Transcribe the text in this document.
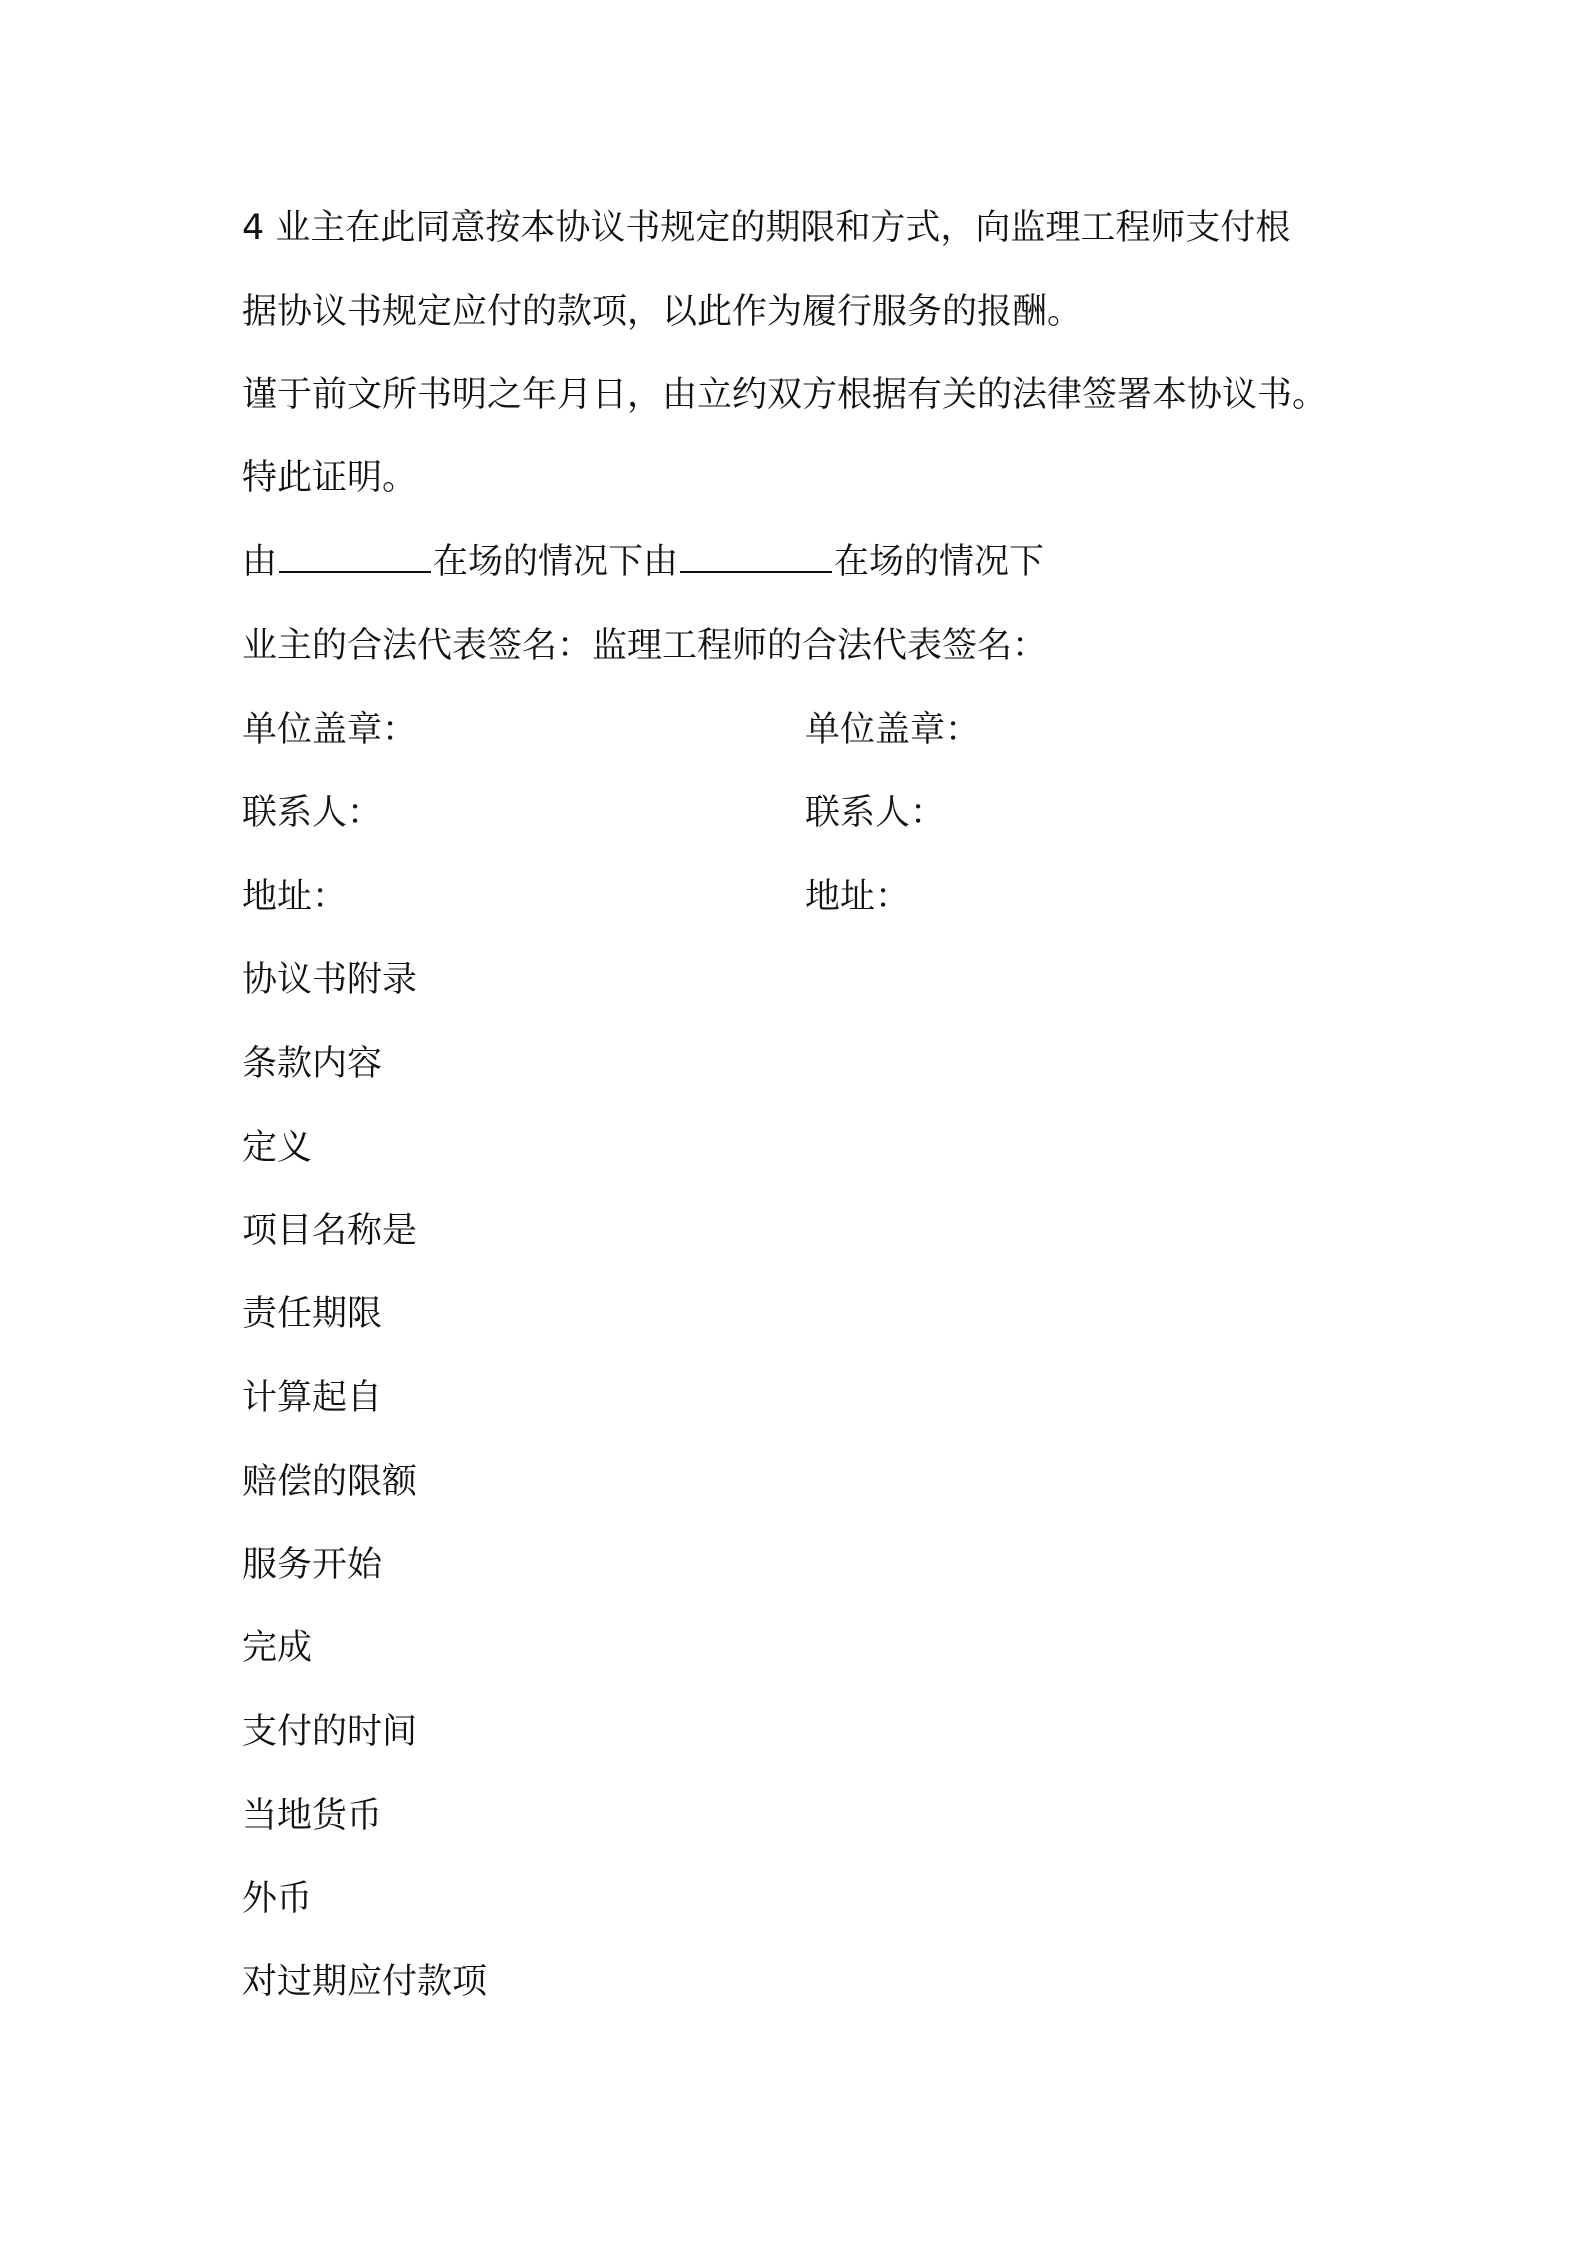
4 业主在此同意按本协议书规定的期限和方式，向监理工程师支付根
据协议书规定应付的款项，以此作为履行服务的报酬。
谨于前文所书明之年月日，由立约双方根据有关的法律签署本协议书。
特此证明。
由	在场的情况下由	在场的情况下
业主的合法代表签名：监理工程师的合法代表签名：
单位盖章：	单位盖章：
联系人：	联系人：
地址：	地址：
协议书附录
条款内容
定义
项目名称是
责任期限
计算起自
赔偿的限额
服务开始
完成
支付的时间
当地货币
外币
对过期应付款项
